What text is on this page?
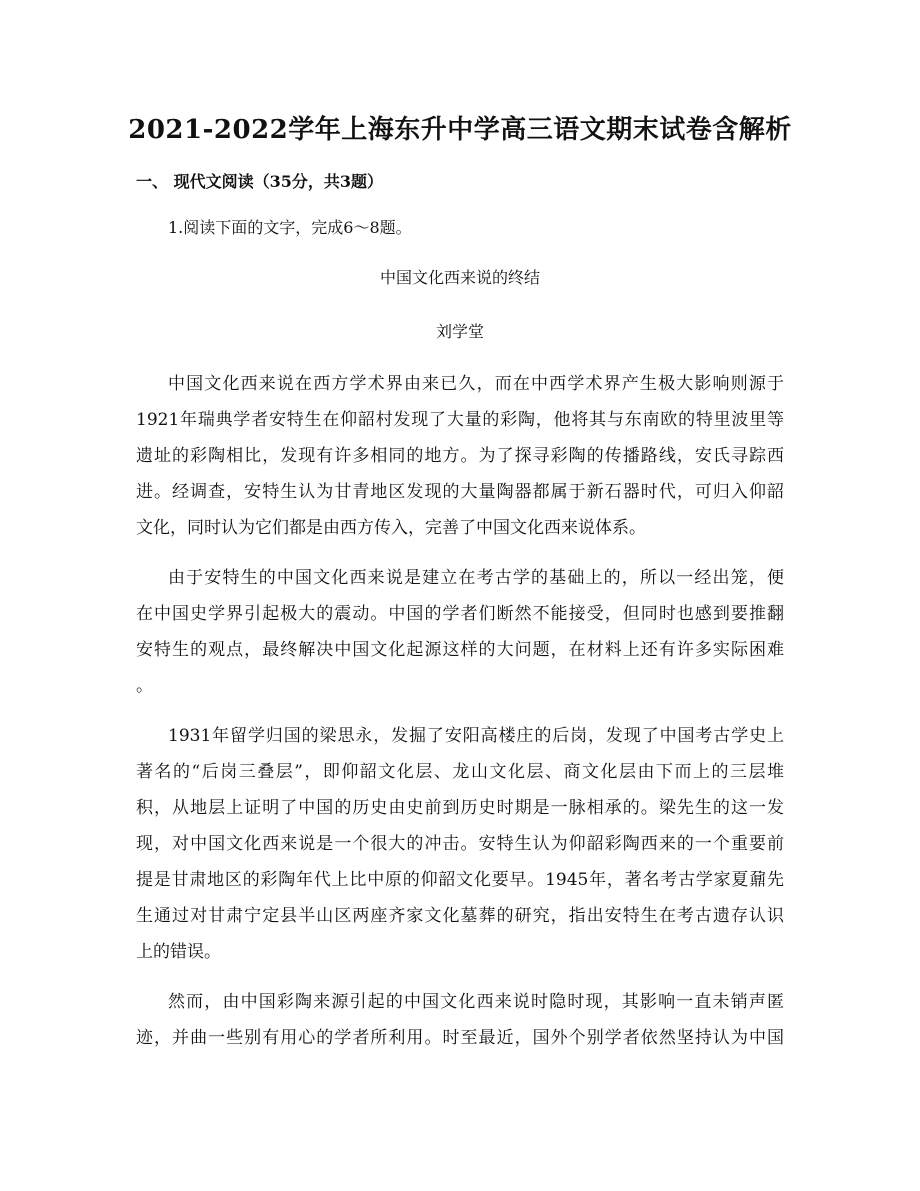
2021-2022学年上海东升中学高三语文期末试卷含解析
一、 现代文阅读（35分，共3题）
1.阅读下面的文字，完成6～8题。
中国文化西来说的终结
刘学堂
中国文化西来说在西方学术界由来已久，而在中西学术界产生极大影响则源于
1921年瑞典学者安特生在仰韶村发现了大量的彩陶，他将其与东南欧的特里波里等
遗址的彩陶相比，发现有许多相同的地方。为了探寻彩陶的传播路线，安氏寻踪西
进。经调查，安特生认为甘青地区发现的大量陶器都属于新石器时代，可归入仰韶
文化，同时认为它们都是由西方传入，完善了中国文化西来说体系。
由于安特生的中国文化西来说是建立在考古学的基础上的，所以一经出笼，便
在中国史学界引起极大的震动。中国的学者们断然不能接受，但同时也感到要推翻
安特生的观点，最终解决中国文化起源这样的大问题，在材料上还有许多实际困难
。
1931年留学归国的梁思永，发掘了安阳高楼庄的后岗，发现了中国考古学史上
著名的“后岗三叠层”，即仰韶文化层、龙山文化层、商文化层由下而上的三层堆
积，从地层上证明了中国的历史由史前到历史时期是一脉相承的。梁先生的这一发
现，对中国文化西来说是一个很大的冲击。安特生认为仰韶彩陶西来的一个重要前
提是甘肃地区的彩陶年代上比中原的仰韶文化要早。1945年，著名考古学家夏鼐先
生通过对甘肃宁定县半山区两座齐家文化墓葬的研究，指出安特生在考古遗存认识
上的错误。
然而，由中国彩陶来源引起的中国文化西来说时隐时现，其影响一直未销声匿
迹，并曲一些别有用心的学者所利用。时至最近，国外个别学者依然坚持认为中国
